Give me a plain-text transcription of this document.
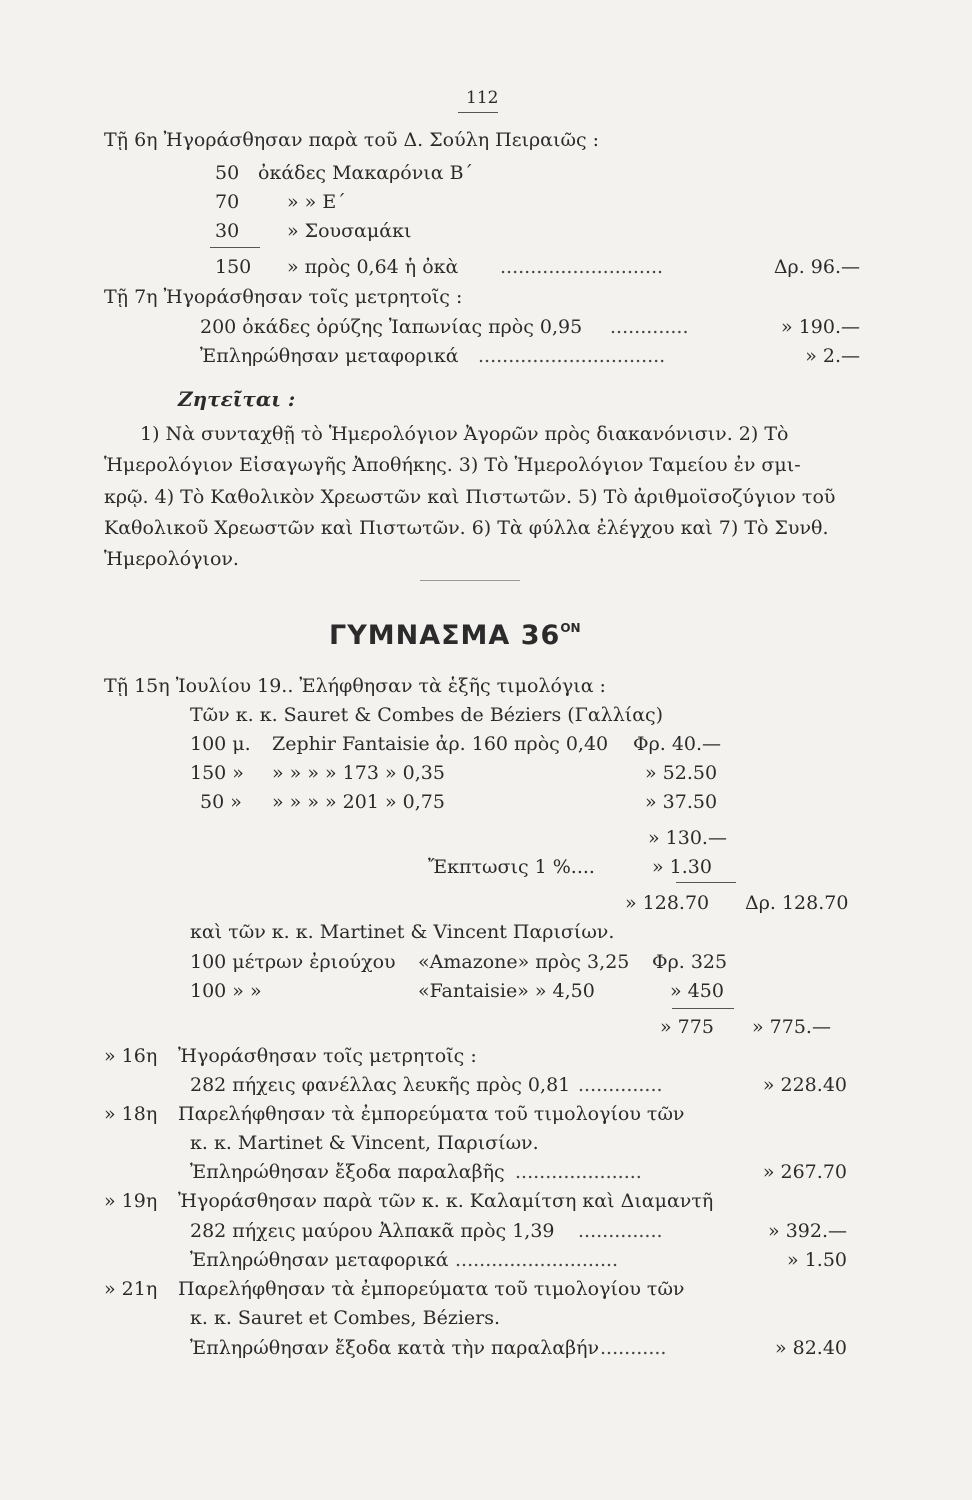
112
Τῇ 6η Ἠγοράσθησαν παρὰ τοῦ Δ. Σούλη Πειραιῶς :
50 ὀκάδες Μακαρόνια Β΄
70	» » Ε΄
30	» Σουσαμάκι
150 » πρὸς 0,64 ἡ ὀκὰ ...........................	Δρ. 96.—
Τῇ 7η Ἠγοράσθησαν τοῖς μετρητοῖς :
200 ὀκάδες ὀρύζης Ἰαπωνίας πρὸς 0,95 .............	» 190.—
Ἐπληρώθησαν μεταφορικά ...............................	» 2.—
Ζητεῖται :
1) Νὰ συνταχθῇ τὸ Ἡμερολόγιον Ἀγορῶν πρὸς διακανόνισιν. 2) Τὸ
Ἡμερολόγιον Εἰσαγωγῆς Ἀποθήκης. 3) Τὸ Ἡμερολόγιον Ταμείου ἐν σμι-
κρῷ. 4) Τὸ Καθολικὸν Χρεωστῶν καὶ Πιστωτῶν. 5) Τὸ ἀριθμοϊσοζύγιον τοῦ
Καθολικοῦ Χρεωστῶν καὶ Πιστωτῶν. 6) Τὰ φύλλα ἐλέγχου καὶ 7) Τὸ Συνθ.
Ἡμερολόγιον.
ΓΥΜΝΑΣΜΑ $36^{ON}$
Τῇ 15η Ἰουλίου 19.. Ἐλήφθησαν τὰ ἑξῆς τιμολόγια :
Τῶν κ. κ. Sauret & Combes de Béziers (Γαλλίας)
100 μ. Zephir Fantaisie ἀρ. 160 πρὸς 0,40 Φρ. 40.—
150 » » » » » 173 » 0,35	» 52.50
50 » » » » » 201 » 0,75	» 37.50
» 130.—
Ἔκπτωσις 1 %....	» 1.30
» 128.70 Δρ. 128.70
καὶ τῶν κ. κ. Martinet & Vincent Παρισίων.
100 μέτρων ἐριούχου «Amazone» πρὸς 3,25 Φρ. 325
100 » »	«Fantaisie» » 4,50	» 450
» 775 » 775.—
» 16η Ἠγοράσθησαν τοῖς μετρητοῖς :
282 πήχεις φανέλλας λευκῆς πρὸς 0,81 ..............	» 228.40
» 18η Παρελήφθησαν τὰ ἐμπορεύματα τοῦ τιμολογίου τῶν
κ. κ. Martinet & Vincent, Παρισίων.
Ἐπληρώθησαν ἔξοδα παραλαβῆς .....................	» 267.70
» 19η Ἠγοράσθησαν παρὰ τῶν κ. κ. Καλαμίτση καὶ Διαμαντῆ
282 πήχεις μαύρου Ἀλπακᾶ πρὸς 1,39 ..............	» 392.—
Ἐπληρώθησαν μεταφορικά ...........................	» 1.50
» 21η Παρελήφθησαν τὰ ἐμπορεύματα τοῦ τιμολογίου τῶν
κ. κ. Sauret et Combes, Béziers.
Ἐπληρώθησαν ἔξοδα κατὰ τὴν παραλαβήν ...........	» 82.40
